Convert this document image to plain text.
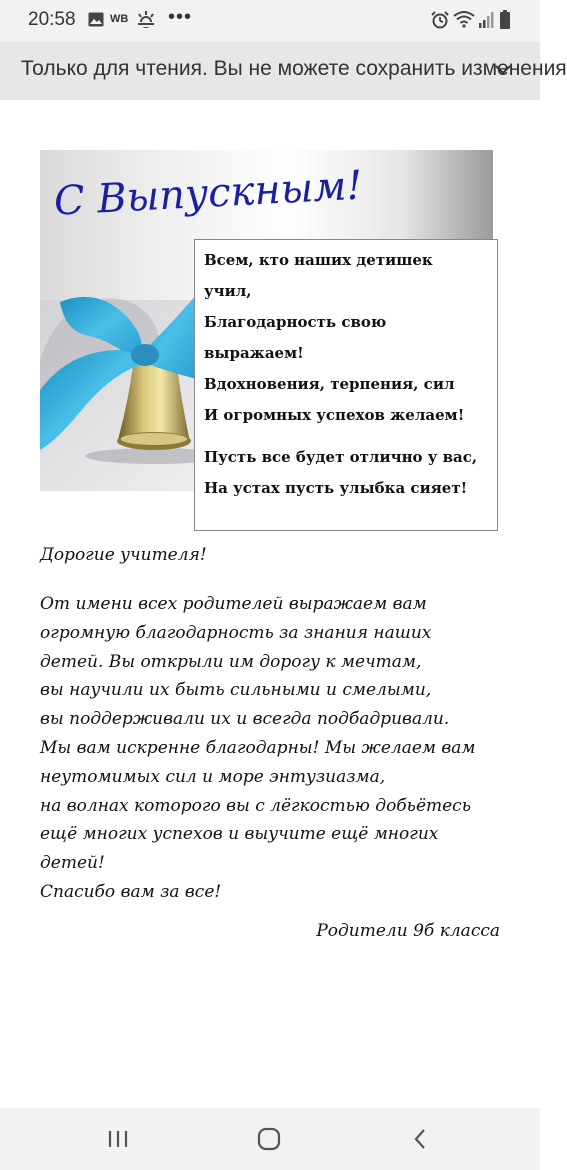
20:58	WB •••
Только для чтения. Вы не можете сохранить изменения
С Выпускным!
Всем, кто наших детишек
учил,
Благодарность свою
выражаем!
Вдохновения, терпения, сил
И огромных успехов желаем!
Пусть все будет отлично у вас,
На устах пусть улыбка сияет!
Дорогие учителя!
От имени всех родителей выражаем вам
огромную благодарность за знания наших
детей. Вы открыли им дорогу к мечтам,
вы научили их быть сильными и смелыми,
вы поддерживали их и всегда подбадривали.
Мы вам искренне благодарны! Мы желаем вам
неутомимых сил и море энтузиазма,
на волнах которого вы с лёгкостью добьётесь
ещё многих успехов и выучите ещё многих
детей!
Спасибо вам за все!
Родители 9б класса
